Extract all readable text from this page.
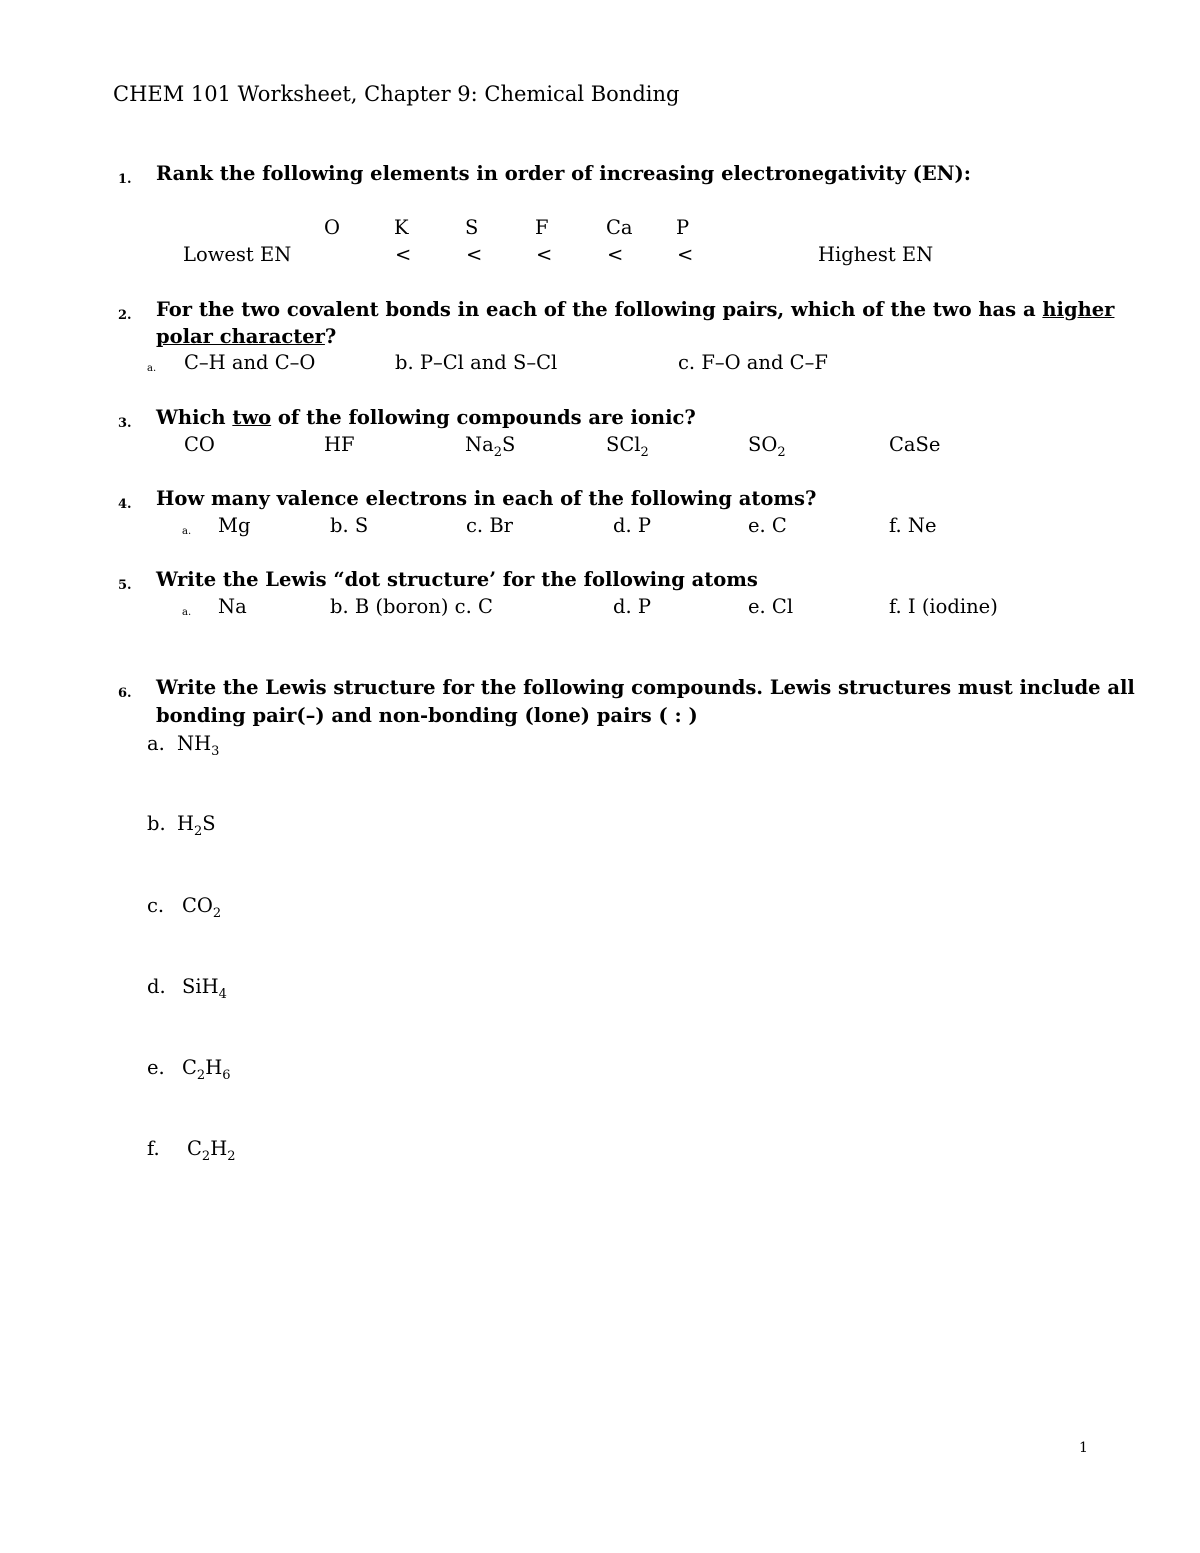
CHEM 101 Worksheet, Chapter 9: Chemical Bonding
1. Rank the following elements in order of increasing electronegativity (EN):
O	K	S	F	Ca P
Lowest EN	<	<	<	<	<	Highest EN
2. For the two covalent bonds in each of the following pairs, which of the two has a higher
polar character?
a. C–H and C–O	b. P–Cl and S–Cl	c. F–O and C–F
3. Which two of the following compounds are ionic?
CO	HF	$Na_2S$	SCl$_2$	$SO_2$	CaSe
4. How many valence electrons in each of the following atoms?
a. Mg	b. S	c. Br	d. P	e. C	f. Ne
5. Write the Lewis “dot structure’ for the following atoms
a. Na	b. B (boron) c. C	d. P	e. Cl	f. I (iodine)
6. Write the Lewis structure for the following compounds. Lewis structures must include all
bonding pair(–) and non-bonding (lone) pairs ( : )
a. $NH_3$
b. $H_2S$
c. $CO_2$
d. SiH$_4$
e. $C_2H_6$
f. $C_2H_2$
1
